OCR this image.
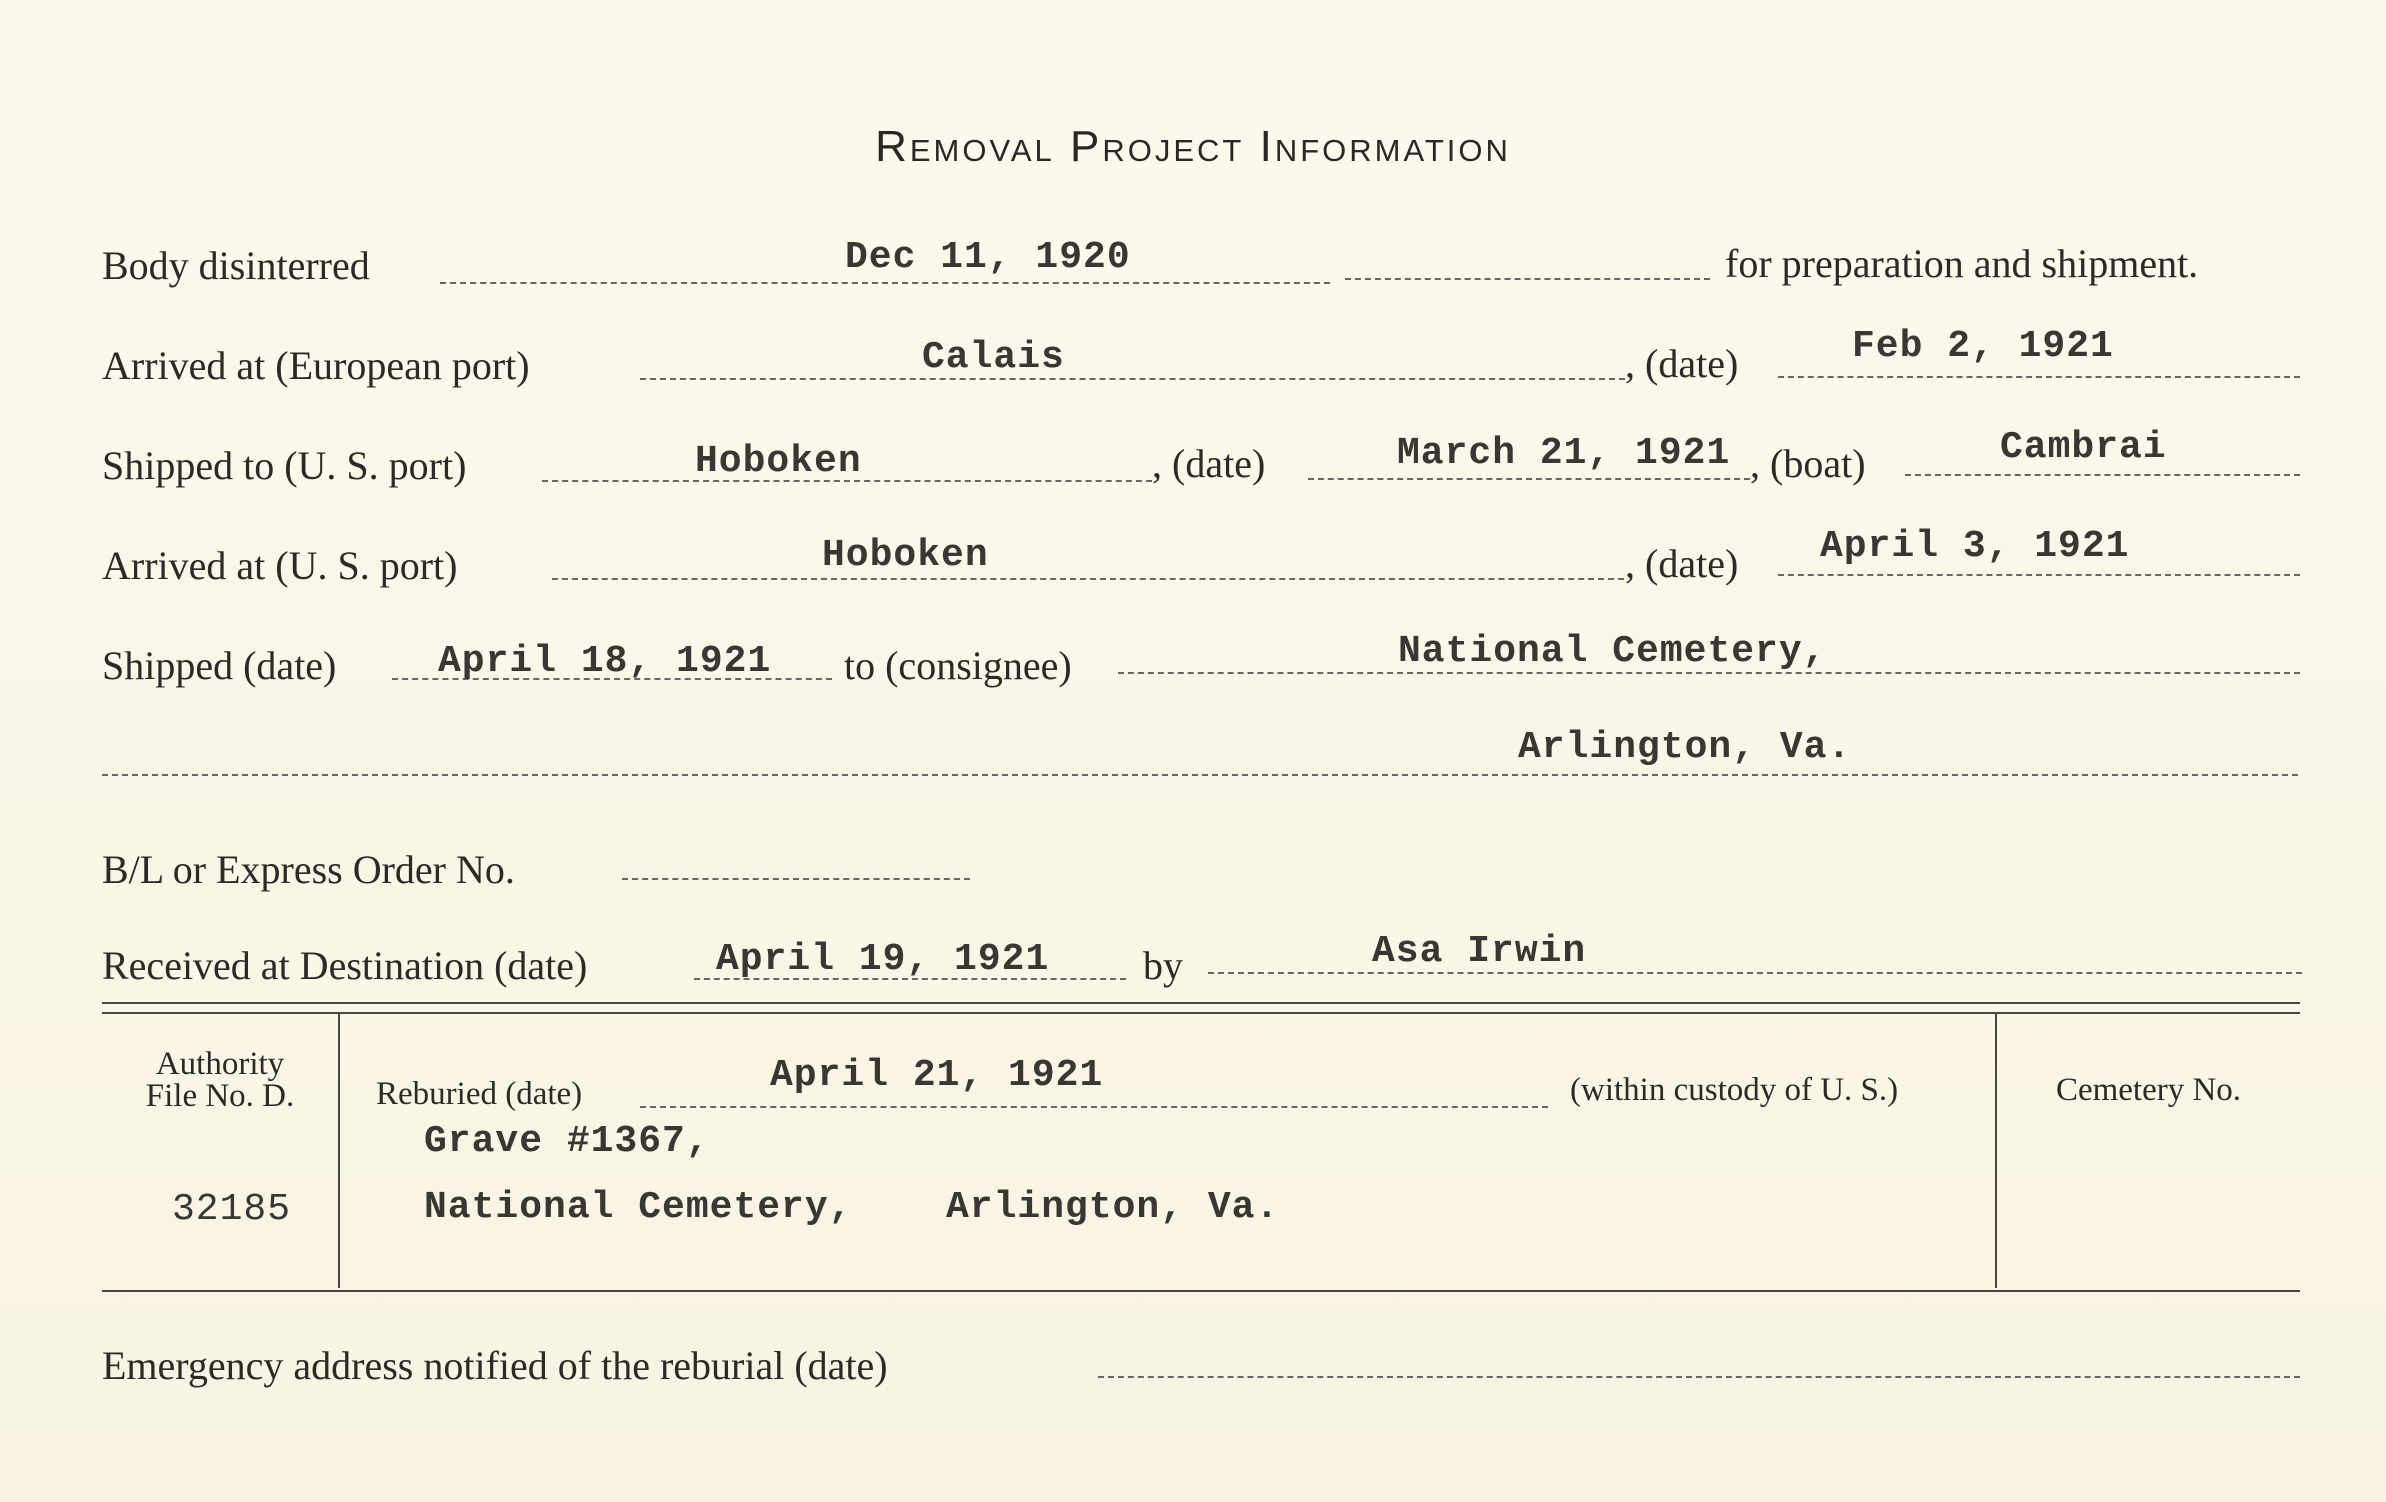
Removal Project Information
Body disinterred	Dec 11, 1920	for preparation and shipment.
Arrived at (European port)	Calais	, (date)	Feb 2, 1921
Shipped to (U. S. port)	Hoboken	, (date)	March 21, 1921 , (boat)	Cambrai
Arrived at (U. S. port)	Hoboken	, (date) April 3, 1921
Shipped (date)	April 18, 1921 to (consignee)	National Cemetery,
Arlington, Va.
B/L or Express Order No.
Received at Destination (date)	April 19, 1921 by	Asa Irwin
Authority
File No. D.
32185
Reburied (date)	April 21, 1921	(within custody of U. S.)
Grave #1367,
National Cemetery, Arlington, Va.
Cemetery No.
Emergency address notified of the reburial (date)
